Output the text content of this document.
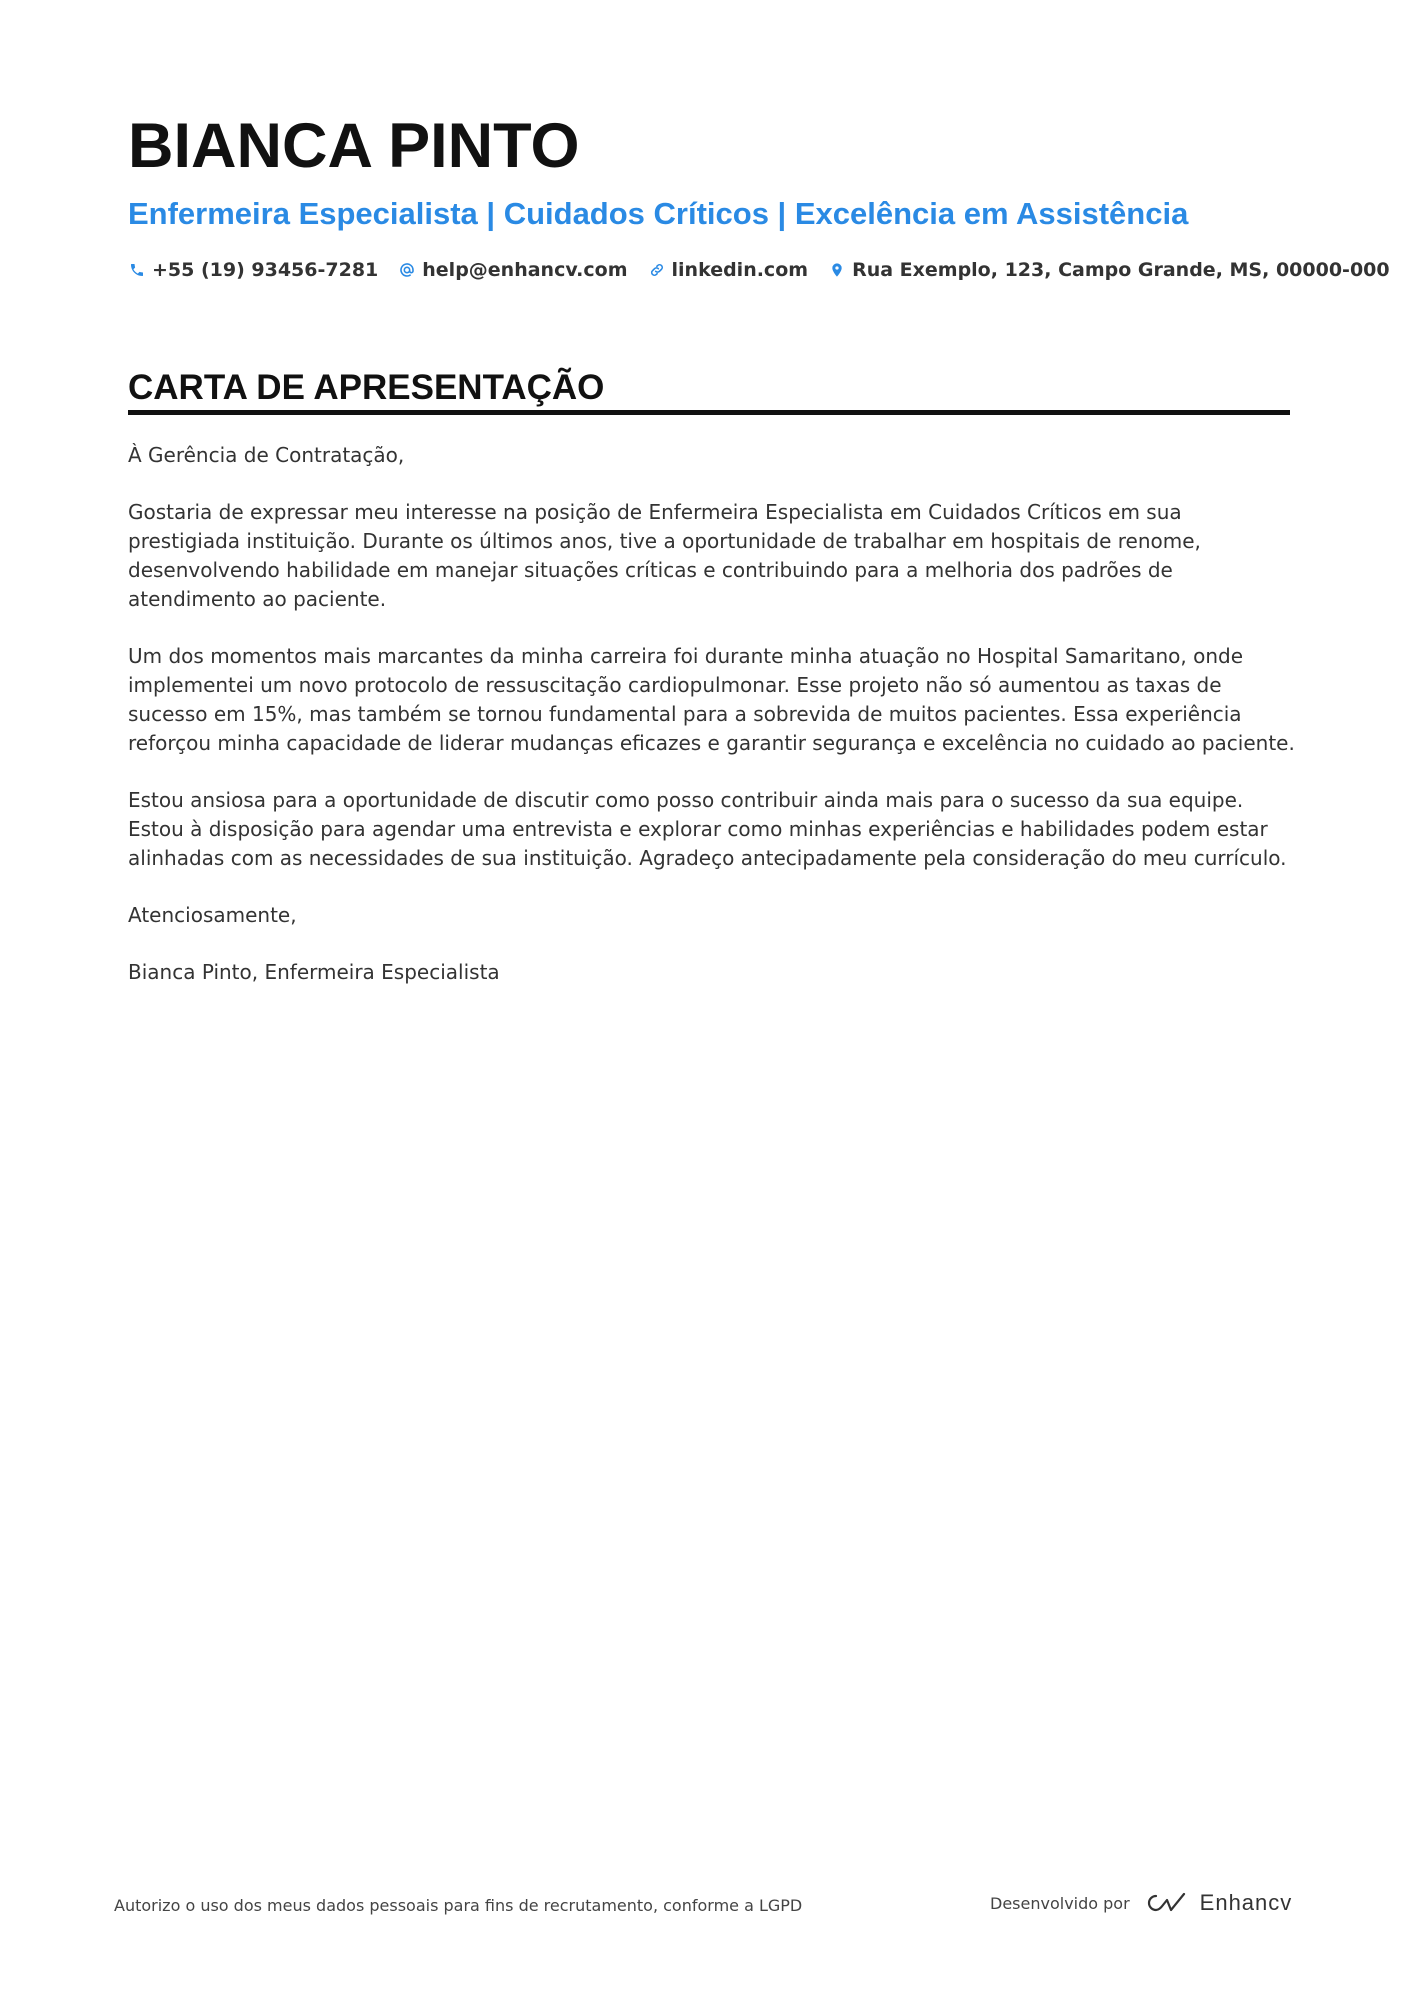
BIANCA PINTO
Enfermeira Especialista | Cuidados Críticos | Excelência em Assistência
+55 (19) 93456-7281 help@enhancv.com linkedin.com Rua Exemplo, 123, Campo Grande, MS, 00000-000
CARTA DE APRESENTAÇÃO

À Gerência de Contratação,

Gostaria de expressar meu interesse na posição de Enfermeira Especialista em Cuidados Críticos em sua prestigiada instituição. Durante os últimos anos, tive a oportunidade de trabalhar em hospitais de renome, desenvolvendo habilidade em manejar situações críticas e contribuindo para a melhoria dos padrões de atendimento ao paciente.

Um dos momentos mais marcantes da minha carreira foi durante minha atuação no Hospital Samaritano, onde implementei um novo protocolo de ressuscitação cardiopulmonar. Esse projeto não só aumentou as taxas de sucesso em 15%, mas também se tornou fundamental para a sobrevida de muitos pacientes. Essa experiência reforçou minha capacidade de liderar mudanças eficazes e garantir segurança e excelência no cuidado ao paciente.

Estou ansiosa para a oportunidade de discutir como posso contribuir ainda mais para o sucesso da sua equipe. Estou à disposição para agendar uma entrevista e explorar como minhas experiências e habilidades podem estar alinhadas com as necessidades de sua instituição. Agradeço antecipadamente pela consideração do meu currículo.

Atenciosamente,

Bianca Pinto, Enfermeira Especialista

Autorizo o uso dos meus dados pessoais para fins de recrutamento, conforme a LGPD	Desenvolvido por	Enhancv
